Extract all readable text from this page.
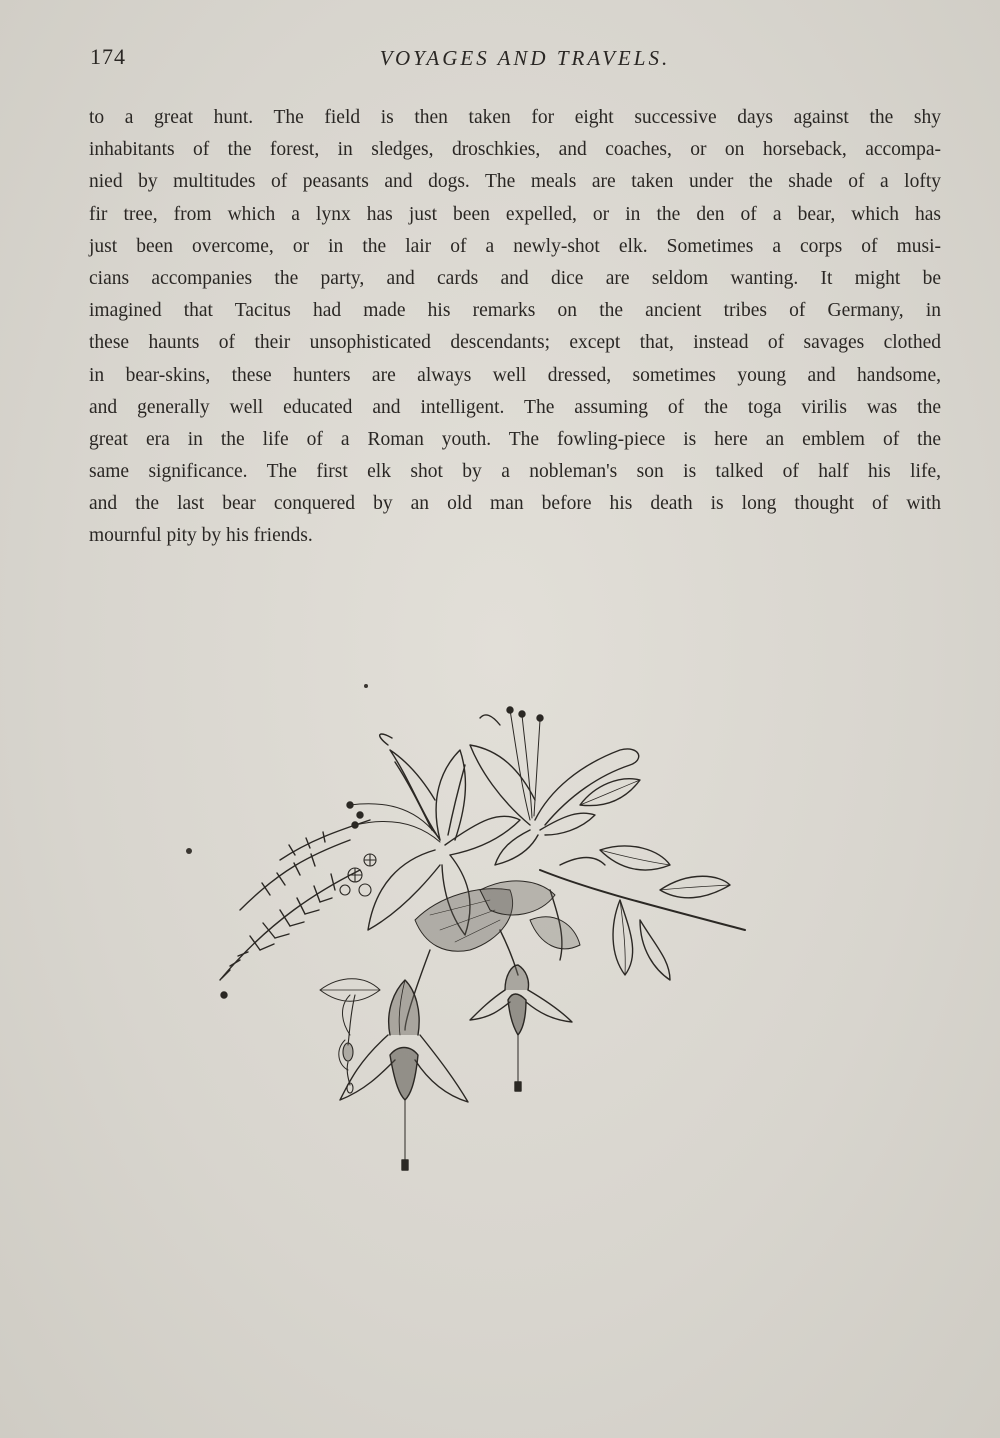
174	VOYAGES AND TRAVELS.
to a great hunt. The field is then taken for eight successive days against the shy
inhabitants of the forest, in sledges, droschkies, and coaches, or on horseback, accompa-
nied by multitudes of peasants and dogs. The meals are taken under the shade of a lofty
fir tree, from which a lynx has just been expelled, or in the den of a bear, which has
just been overcome, or in the lair of a newly-shot elk. Sometimes a corps of musi-
cians accompanies the party, and cards and dice are seldom wanting. It might be
imagined that Tacitus had made his remarks on the ancient tribes of Germany, in
these haunts of their unsophisticated descendants; except that, instead of savages clothed
in bear-skins, these hunters are always well dressed, sometimes young and handsome,
and generally well educated and intelligent. The assuming of the toga virilis was the
great era in the life of a Roman youth. The fowling-piece is here an emblem of the
same significance. The first elk shot by a nobleman's son is talked of half his life,
and the last bear conquered by an old man before his death is long thought of with
mournful pity by his friends.
